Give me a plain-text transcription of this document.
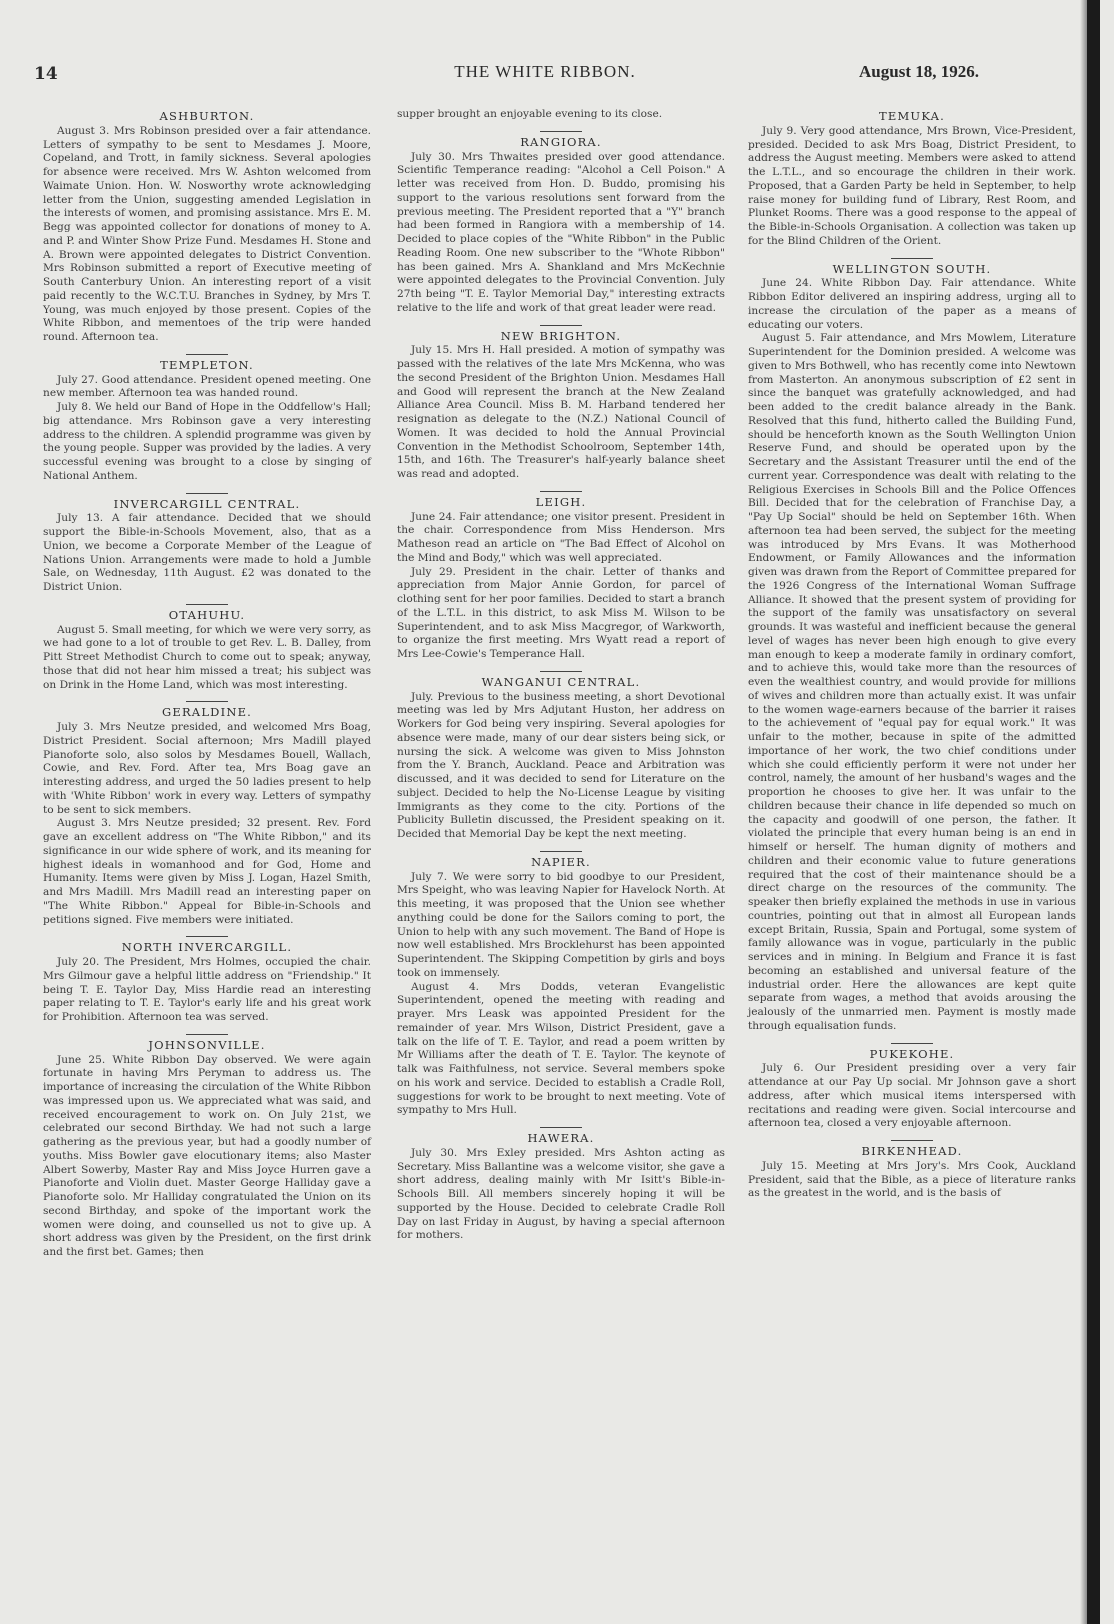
14	THE WHITE RIBBON.	August 18, 1926.
ASHBURTON.

August 3. Mrs Robinson presided over a fair attendance. Letters of sympathy to be sent to Mesdames J. Moore, Copeland, and Trott, in family sickness. Several apologies for absence were received. Mrs W. Ashton welcomed from Waimate Union. Hon. W. Nosworthy wrote acknowledging letter from the Union, suggesting amended Legislation in the interests of women, and promising assistance. Mrs E. M. Begg was appointed collector for donations of money to A. and P. and Winter Show Prize Fund. Mesdames H. Stone and A. Brown were appointed delegates to District Convention. Mrs Robinson submitted a report of Executive meeting of South Canterbury Union. An interesting report of a visit paid recently to the W.C.T.U. Branches in Sydney, by Mrs T. Young, was much enjoyed by those present. Copies of the White Ribbon, and mementoes of the trip were handed round. Afternoon tea.

TEMPLETON.

July 27. Good attendance. President opened meeting. One new member. Afternoon tea was handed round.

July 8. We held our Band of Hope in the Oddfellow's Hall; big attendance. Mrs Robinson gave a very interesting address to the children. A splendid programme was given by the young people. Supper was provided by the ladies. A very successful evening was brought to a close by singing of National Anthem.

INVERCARGILL CENTRAL.

July 13. A fair attendance. Decided that we should support the Bible-in-Schools Movement, also, that as a Union, we become a Corporate Member of the League of Nations Union. Arrangements were made to hold a Jumble Sale, on Wednesday, 11th August. £2 was donated to the District Union.

OTAHUHU.

August 5. Small meeting, for which we were very sorry, as we had gone to a lot of trouble to get Rev. L. B. Dalley, from Pitt Street Methodist Church to come out to speak; anyway, those that did not hear him missed a treat; his subject was on Drink in the Home Land, which was most interesting.

GERALDINE.

July 3. Mrs Neutze presided, and welcomed Mrs Boag, District President. Social afternoon; Mrs Madill played Pianoforte solo, also solos by Mesdames Bouell, Wallach, Cowie, and Rev. Ford. After tea, Mrs Boag gave an interesting address, and urged the 50 ladies present to help with 'White Ribbon' work in every way. Letters of sympathy to be sent to sick members.

August 3. Mrs Neutze presided; 32 present. Rev. Ford gave an excellent address on "The White Ribbon," and its significance in our wide sphere of work, and its meaning for highest ideals in womanhood and for God, Home and Humanity. Items were given by Miss J. Logan, Hazel Smith, and Mrs Madill. Mrs Madill read an interesting paper on "The White Ribbon." Appeal for Bible-in-Schools and petitions signed. Five members were initiated.

NORTH INVERCARGILL.

July 20. The President, Mrs Holmes, occupied the chair. Mrs Gilmour gave a helpful little address on "Friendship." It being T. E. Taylor Day, Miss Hardie read an interesting paper relating to T. E. Taylor's early life and his great work for Prohibition. Afternoon tea was served.

JOHNSONVILLE.

June 25. White Ribbon Day observed. We were again fortunate in having Mrs Peryman to address us. The importance of increasing the circulation of the White Ribbon was impressed upon us. We appreciated what was said, and received encouragement to work on. On July 21st, we celebrated our second Birthday. We had not such a large gathering as the previous year, but had a goodly number of youths. Miss Bowler gave elocutionary items; also Master Albert Sowerby, Master Ray and Miss Joyce Hurren gave a Pianoforte and Violin duet. Master George Halliday gave a Pianoforte solo. Mr Halliday congratulated the Union on its second Birthday, and spoke of the important work the women were doing, and counselled us not to give up. A short address was given by the President, on the first drink and the first bet. Games; then

supper brought an enjoyable evening to its close.

RANGIORA.

July 30. Mrs Thwaites presided over good attendance. Scientific Temperance reading: "Alcohol a Cell Poison." A letter was received from Hon. D. Buddo, promising his support to the various resolutions sent forward from the previous meeting. The President reported that a "Y" branch had been formed in Rangiora with a membership of 14. Decided to place copies of the "White Ribbon" in the Public Reading Room. One new subscriber to the "Whote Ribbon" has been gained. Mrs A. Shankland and Mrs McKechnie were appointed delegates to the Provincial Convention. July 27th being "T. E. Taylor Memorial Day," interesting extracts relative to the life and work of that great leader were read.

NEW BRIGHTON.

July 15. Mrs H. Hall presided. A motion of sympathy was passed with the relatives of the late Mrs McKenna, who was the second President of the Brighton Union. Mesdames Hall and Good will represent the branch at the New Zealand Alliance Area Council. Miss B. M. Harband tendered her resignation as delegate to the (N.Z.) National Council of Women. It was decided to hold the Annual Provincial Convention in the Methodist Schoolroom, September 14th, 15th, and 16th. The Treasurer's half-yearly balance sheet was read and adopted.

LEIGH.

June 24. Fair attendance; one visitor present. President in the chair. Correspondence from Miss Henderson. Mrs Matheson read an article on "The Bad Effect of Alcohol on the Mind and Body," which was well appreciated.

July 29. President in the chair. Letter of thanks and appreciation from Major Annie Gordon, for parcel of clothing sent for her poor families. Decided to start a branch of the L.T.L. in this district, to ask Miss M. Wilson to be Superintendent, and to ask Miss Macgregor, of Warkworth, to organize the first meeting. Mrs Wyatt read a report of Mrs Lee-Cowie's Temperance Hall.

WANGANUI CENTRAL.

July. Previous to the business meeting, a short Devotional meeting was led by Mrs Adjutant Huston, her address on Workers for God being very inspiring. Several apologies for absence were made, many of our dear sisters being sick, or nursing the sick. A welcome was given to Miss Johnston from the Y. Branch, Auckland. Peace and Arbitration was discussed, and it was decided to send for Literature on the subject. Decided to help the No-License League by visiting Immigrants as they come to the city. Portions of the Publicity Bulletin discussed, the President speaking on it. Decided that Memorial Day be kept the next meeting.

NAPIER.

July 7. We were sorry to bid goodbye to our President, Mrs Speight, who was leaving Napier for Havelock North. At this meeting, it was proposed that the Union see whether anything could be done for the Sailors coming to port, the Union to help with any such movement. The Band of Hope is now well established. Mrs Brocklehurst has been appointed Superintendent. The Skipping Competition by girls and boys took on immensely.

August 4. Mrs Dodds, veteran Evangelistic Superintendent, opened the meeting with reading and prayer. Mrs Leask was appointed President for the remainder of year. Mrs Wilson, District President, gave a talk on the life of T. E. Taylor, and read a poem written by Mr Williams after the death of T. E. Taylor. The keynote of talk was Faithfulness, not service. Several members spoke on his work and service. Decided to establish a Cradle Roll, suggestions for work to be brought to next meeting. Vote of sympathy to Mrs Hull.

HAWERA.

July 30. Mrs Exley presided. Mrs Ashton acting as Secretary. Miss Ballantine was a welcome visitor, she gave a short address, dealing mainly with Mr Isitt's Bible-in-Schools Bill. All members sincerely hoping it will be supported by the House. Decided to celebrate Cradle Roll Day on last Friday in August, by having a special afternoon for mothers.

TEMUKA.

July 9. Very good attendance, Mrs Brown, Vice-President, presided. Decided to ask Mrs Boag, District President, to address the August meeting. Members were asked to attend the L.T.L., and so encourage the children in their work. Proposed, that a Garden Party be held in September, to help raise money for building fund of Library, Rest Room, and Plunket Rooms. There was a good response to the appeal of the Bible-in-Schools Organisation. A collection was taken up for the Blind Children of the Orient.

WELLINGTON SOUTH.

June 24. White Ribbon Day. Fair attendance. White Ribbon Editor delivered an inspiring address, urging all to increase the circulation of the paper as a means of educating our voters.

August 5. Fair attendance, and Mrs Mowlem, Literature Superintendent for the Dominion presided. A welcome was given to Mrs Bothwell, who has recently come into Newtown from Masterton. An anonymous subscription of £2 sent in since the banquet was gratefully acknowledged, and had been added to the credit balance already in the Bank. Resolved that this fund, hitherto called the Building Fund, should be henceforth known as the South Wellington Union Reserve Fund, and should be operated upon by the Secretary and the Assistant Treasurer until the end of the current year. Correspondence was dealt with relating to the Religious Exercises in Schools Bill and the Police Offences Bill. Decided that for the celebration of Franchise Day, a "Pay Up Social" should be held on September 16th. When afternoon tea had been served, the subject for the meeting was introduced by Mrs Evans. It was Motherhood Endowment, or Family Allowances and the information given was drawn from the Report of Committee prepared for the 1926 Congress of the International Woman Suffrage Alliance. It showed that the present system of providing for the support of the family was unsatisfactory on several grounds. It was wasteful and inefficient because the general level of wages has never been high enough to give every man enough to keep a moderate family in ordinary comfort, and to achieve this, would take more than the resources of even the wealthiest country, and would provide for millions of wives and children more than actually exist. It was unfair to the women wage-earners because of the barrier it raises to the achievement of "equal pay for equal work." It was unfair to the mother, because in spite of the admitted importance of her work, the two chief conditions under which she could efficiently perform it were not under her control, namely, the amount of her husband's wages and the proportion he chooses to give her. It was unfair to the children because their chance in life depended so much on the capacity and goodwill of one person, the father. It violated the principle that every human being is an end in himself or herself. The human dignity of mothers and children and their economic value to future generations required that the cost of their maintenance should be a direct charge on the resources of the community. The speaker then briefly explained the methods in use in various countries, pointing out that in almost all European lands except Britain, Russia, Spain and Portugal, some system of family allowance was in vogue, particularly in the public services and in mining. In Belgium and France it is fast becoming an established and universal feature of the industrial order. Here the allowances are kept quite separate from wages, a method that avoids arousing the jealously of the unmarried men. Payment is mostly made through equalisation funds.

PUKEKOHE.

July 6. Our President presiding over a very fair attendance at our Pay Up social. Mr Johnson gave a short address, after which musical items interspersed with recitations and reading were given. Social intercourse and afternoon tea, closed a very enjoyable afternoon.

BIRKENHEAD.

July 15. Meeting at Mrs Jory's. Mrs Cook, Auckland President, said that the Bible, as a piece of literature ranks as the greatest in the world, and is the basis of
